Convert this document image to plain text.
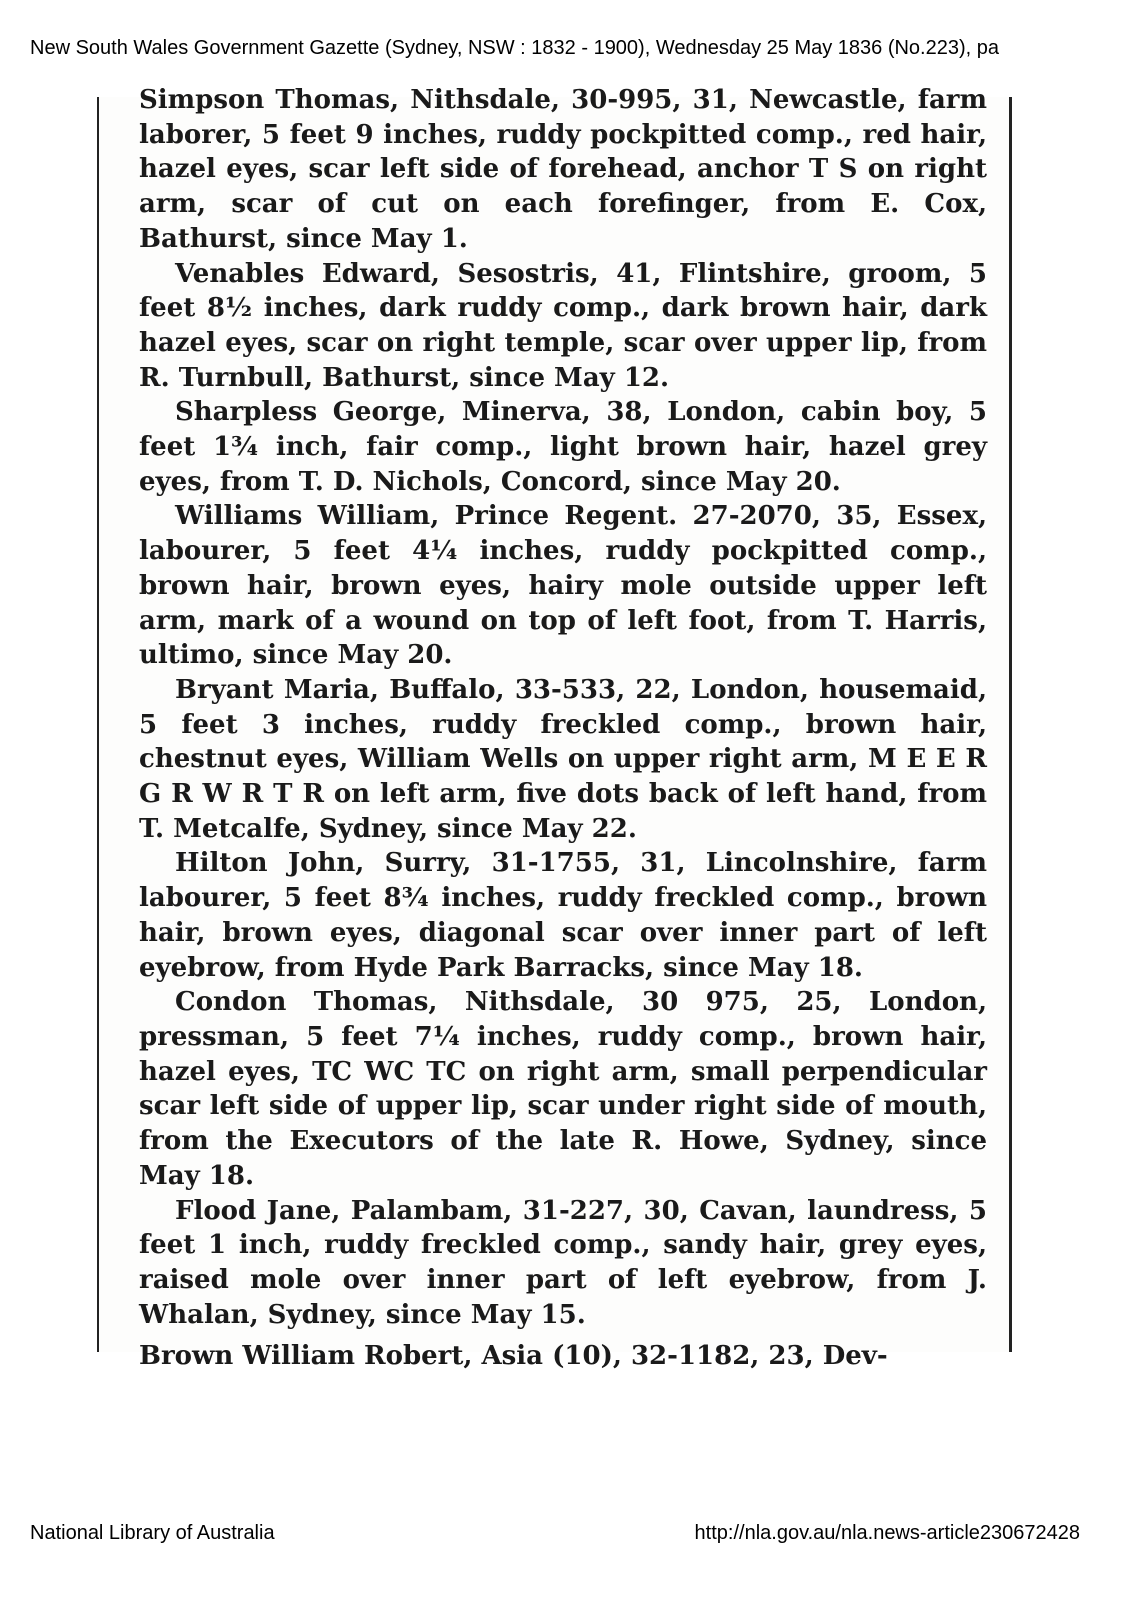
New South Wales Government Gazette (Sydney, NSW : 1832 - 1900), Wednesday 25 May 1836 (No.223), pa

Simpson Thomas, Nithsdale, 30-995, 31, Newcastle, farm laborer, 5 feet 9 inches, ruddy pockpitted comp., red hair, hazel eyes, scar left side of forehead, anchor T S on right arm, scar of cut on each forefinger, from E. Cox, Bathurst, since May 1.

Venables Edward, Sesostris, 41, Flintshire, groom, 5 feet 8½ inches, dark ruddy comp., dark brown hair, dark hazel eyes, scar on right temple, scar over upper lip, from R. Turnbull, Bathurst, since May 12.

Sharpless George, Minerva, 38, London, cabin boy, 5 feet 1¾ inch, fair comp., light brown hair, hazel grey eyes, from T. D. Nichols, Concord, since May 20.

Williams William, Prince Regent. 27-2070, 35, Essex, labourer, 5 feet 4¼ inches, ruddy pockpitted comp., brown hair, brown eyes, hairy mole outside upper left arm, mark of a wound on top of left foot, from T. Harris, ultimo, since May 20.

Bryant Maria, Buffalo, 33-533, 22, London, housemaid, 5 feet 3 inches, ruddy freckled comp., brown hair, chestnut eyes, William Wells on upper right arm, M E E R G R W R T R on left arm, five dots back of left hand, from T. Metcalfe, Sydney, since May 22.

Hilton John, Surry, 31-1755, 31, Lincolnshire, farm labourer, 5 feet 8¾ inches, ruddy freckled comp., brown hair, brown eyes, diagonal scar over inner part of left eyebrow, from Hyde Park Barracks, since May 18.

Condon Thomas, Nithsdale, 30 975, 25, London, pressman, 5 feet 7¼ inches, ruddy comp., brown hair, hazel eyes, TC WC TC on right arm, small perpendicular scar left side of upper lip, scar under right side of mouth, from the Executors of the late R. Howe, Sydney, since May 18.

Flood Jane, Palambam, 31-227, 30, Cavan, laundress, 5 feet 1 inch, ruddy freckled comp., sandy hair, grey eyes, raised mole over inner part of left eyebrow, from J. Whalan, Sydney, since May 15.

Brown William Robert, Asia (10), 32-1182, 23, Dev-
National Library of Australia	http://nla.gov.au/nla.news-article230672428
